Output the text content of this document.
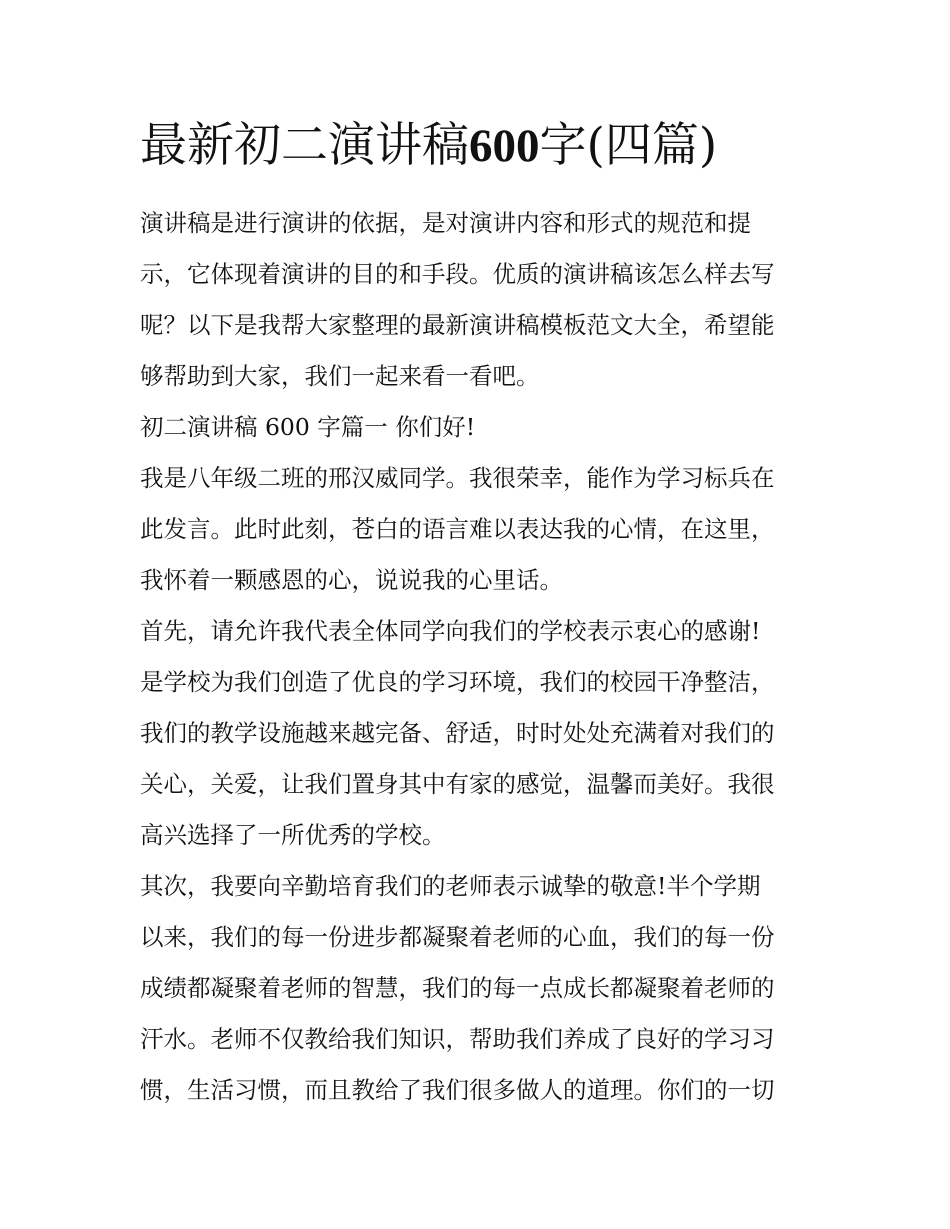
最新初二演讲稿600字(四篇)
演讲稿是进行演讲的依据，是对演讲内容和形式的规范和提
示，它体现着演讲的目的和手段。优质的演讲稿该怎么样去写
呢？以下是我帮大家整理的最新演讲稿模板范文大全，希望能
够帮助到大家，我们一起来看一看吧。
初二演讲稿 600 字篇一 你们好!
我是八年级二班的邢汉威同学。我很荣幸，能作为学习标兵在
此发言。此时此刻，苍白的语言难以表达我的心情，在这里，
我怀着一颗感恩的心，说说我的心里话。
首先，请允许我代表全体同学向我们的学校表示衷心的感谢!
是学校为我们创造了优良的学习环境，我们的校园干净整洁，
我们的教学设施越来越完备、舒适，时时处处充满着对我们的
关心，关爱，让我们置身其中有家的感觉，温馨而美好。我很
高兴选择了一所优秀的学校。
其次，我要向辛勤培育我们的老师表示诚挚的敬意!半个学期
以来，我们的每一份进步都凝聚着老师的心血，我们的每一份
成绩都凝聚着老师的智慧，我们的每一点成长都凝聚着老师的
汗水。老师不仅教给我们知识，帮助我们养成了良好的学习习
惯，生活习惯，而且教给了我们很多做人的道理。你们的一切
